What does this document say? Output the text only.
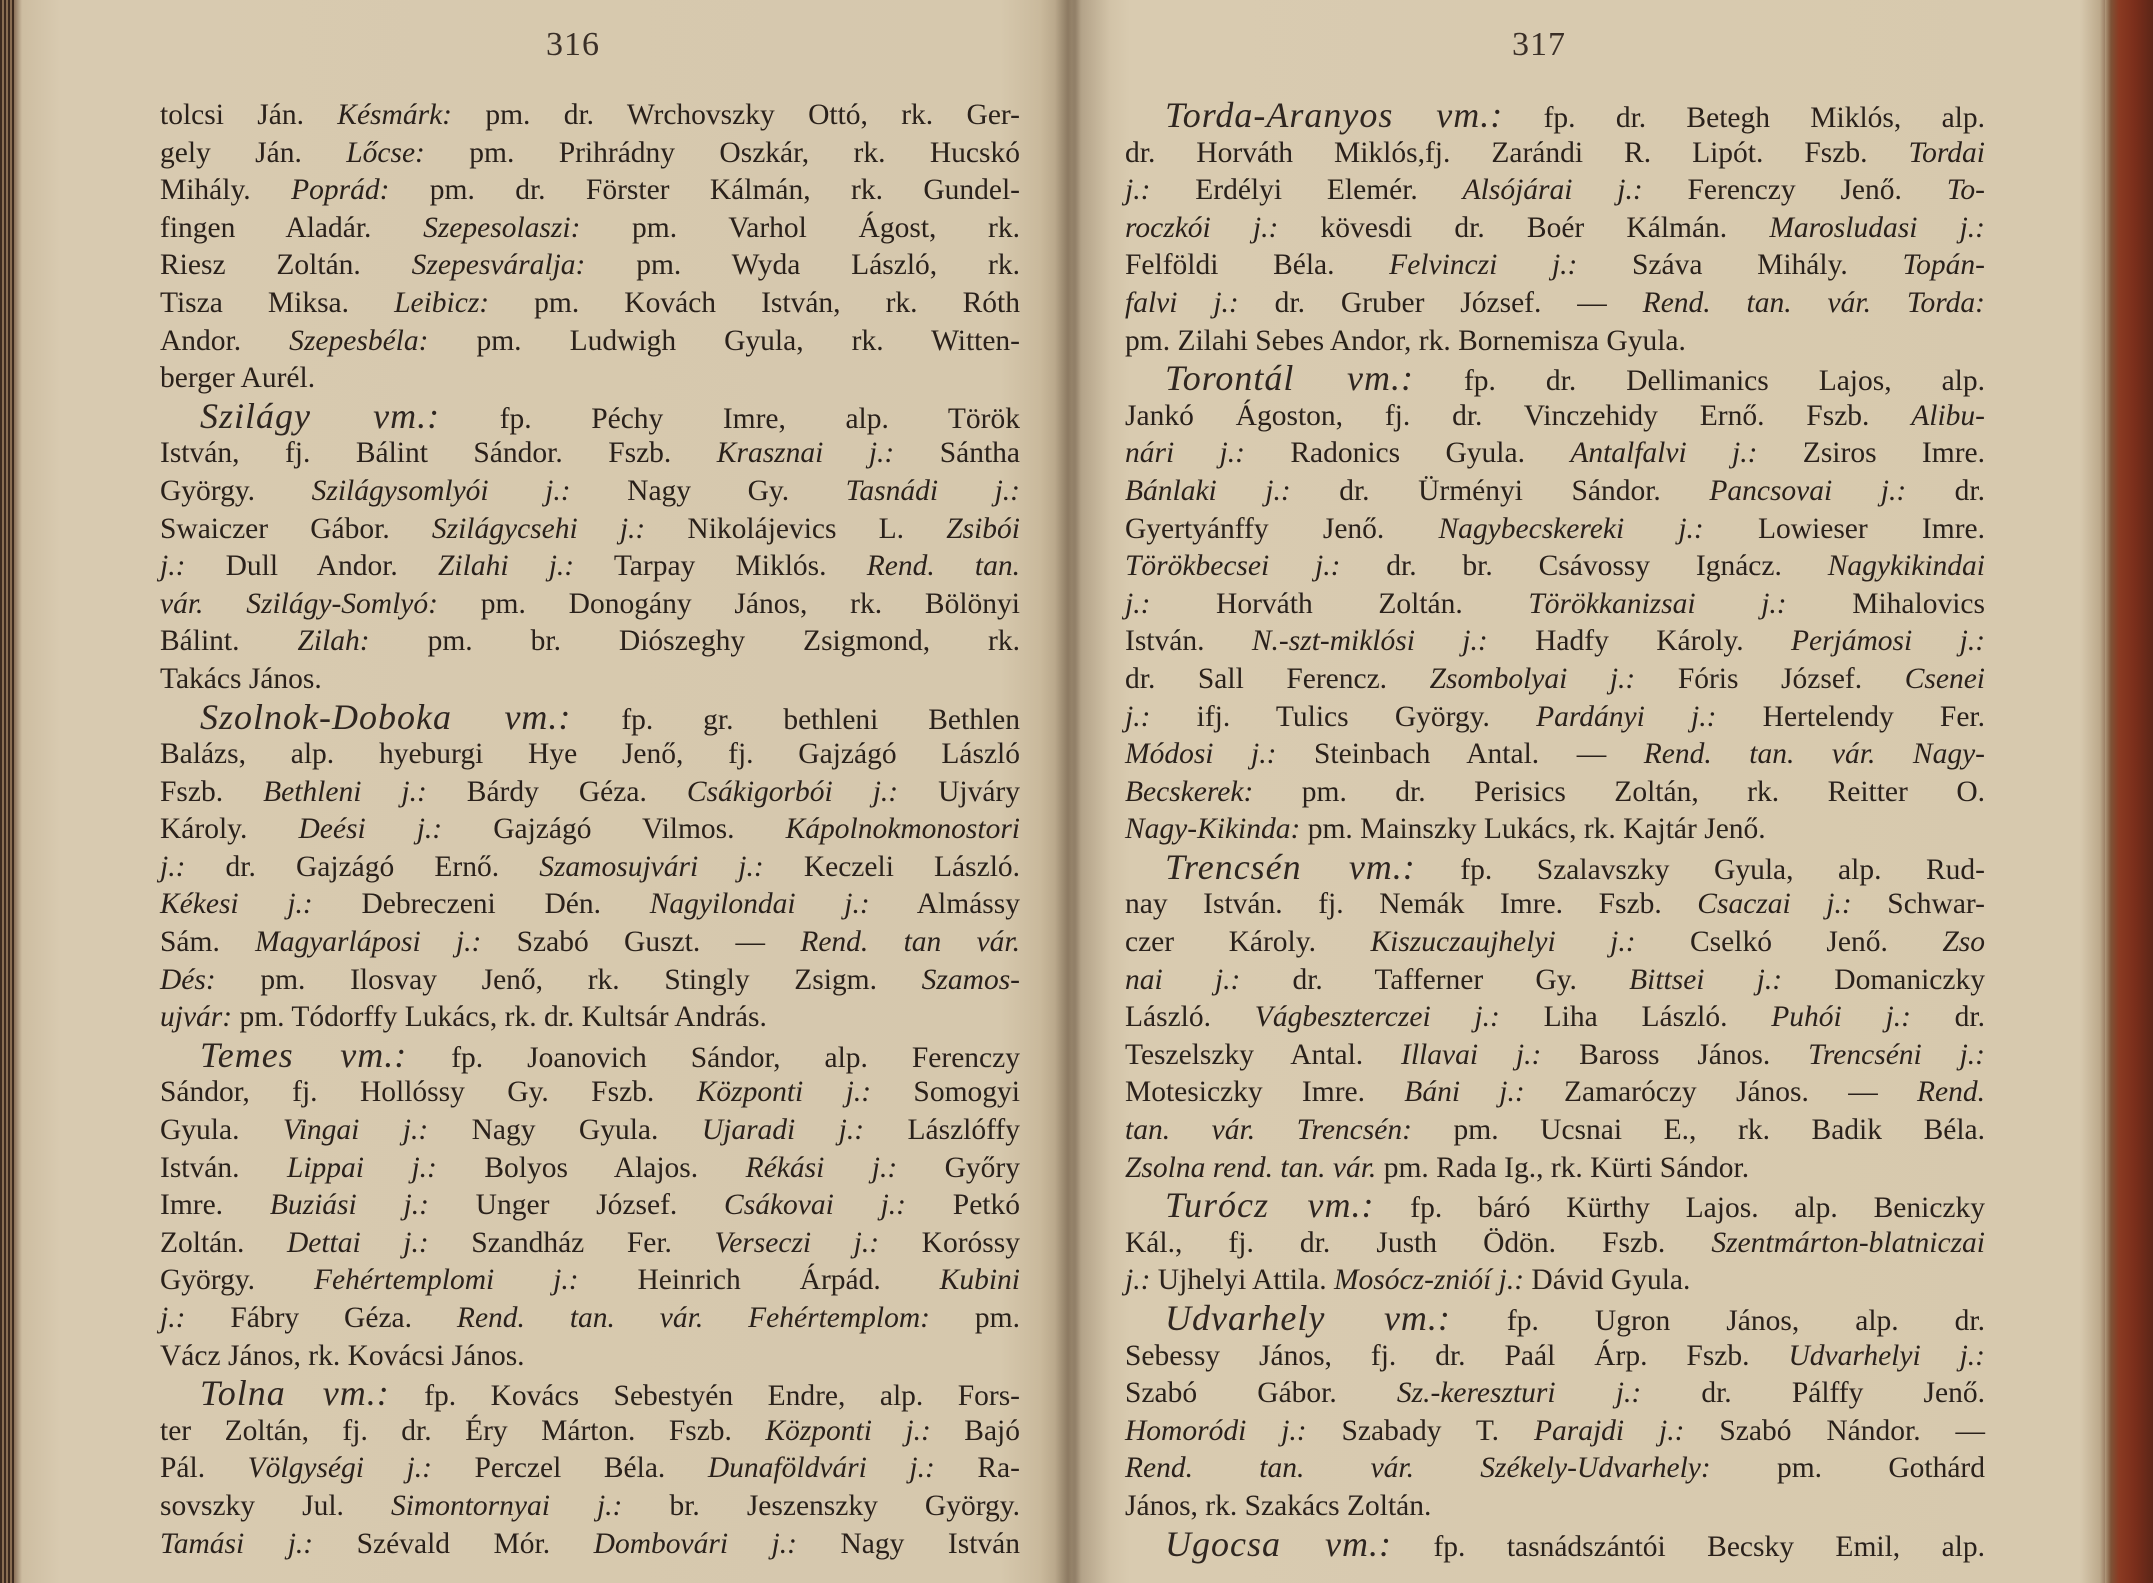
316	317
tolcsi Ján. Késmárk: pm. dr. Wrchovszky Ottó, rk. Ger-
gely Ján. Lőcse: pm. Prihrádny Oszkár, rk. Hucskó
Mihály. Poprád: pm. dr. Förster Kálmán, rk. Gundel-
fingen Aladár. Szepesolaszi: pm. Varhol Ágost, rk.
Riesz Zoltán. Szepesváralja: pm. Wyda László, rk.
Tisza Miksa. Leibicz: pm. Kovách István, rk. Róth
Andor. Szepesbéla: pm. Ludwigh Gyula, rk. Witten-
berger Aurél.
Szilágy vm.: fp. Péchy Imre, alp. Török
István, fj. Bálint Sándor. Fszb. Krasznai j.: Sántha
György. Szilágysomlyói j.: Nagy Gy. Tasnádi j.:
Swaiczer Gábor. Szilágycsehi j.: Nikolájevics L. Zsibói
j.: Dull Andor. Zilahi j.: Tarpay Miklós. Rend. tan.
vár. Szilágy-Somlyó: pm. Donogány János, rk. Bölönyi
Bálint. Zilah: pm. br. Diószeghy Zsigmond, rk.
Takács János.
Szolnok-Doboka vm.: fp. gr. bethleni Bethlen
Balázs, alp. hyeburgi Hye Jenő, fj. Gajzágó László
Fszb. Bethleni j.: Bárdy Géza. Csákigorbói j.: Ujváry
Károly. Deési j.: Gajzágó Vilmos. Kápolnokmonostori
j.: dr. Gajzágó Ernő. Szamosujvári j.: Keczeli László.
Kékesi j.: Debreczeni Dén. Nagyilondai j.: Almássy
Sám. Magyarláposi j.: Szabó Guszt. — Rend. tan vár.
Dés: pm. Ilosvay Jenő, rk. Stingly Zsigm. Szamos-
ujvár: pm. Tódorffy Lukács, rk. dr. Kultsár András.
Temes vm.: fp. Joanovich Sándor, alp. Ferenczy
Sándor, fj. Hollóssy Gy. Fszb. Központi j.: Somogyi
Gyula. Vingai j.: Nagy Gyula. Ujaradi j.: Lászlóffy
István. Lippai j.: Bolyos Alajos. Rékási j.: Győry
Imre. Buziási j.: Unger József. Csákovai j.: Petkó
Zoltán. Dettai j.: Szandház Fer. Verseczi j.: Koróssy
György. Fehértemplomi j.: Heinrich Árpád. Kubini
j.: Fábry Géza. Rend. tan. vár. Fehértemplom: pm.
Vácz János, rk. Kovácsi János.
Tolna vm.: fp. Kovács Sebestyén Endre, alp. Fors-
ter Zoltán, fj. dr. Éry Márton. Fszb. Központi j.: Bajó
Pál. Völgységi j.: Perczel Béla. Dunaföldvári j.: Ra-
sovszky Jul. Simontornyai j.: br. Jeszenszky György.
Tamási j.: Szévald Mór. Dombovári j.: Nagy István
Torda-Aranyos vm.: fp. dr. Betegh Miklós, alp.
dr. Horváth Miklós,fj. Zarándi R. Lipót. Fszb. Tordai
j.: Erdélyi Elemér. Alsójárai j.: Ferenczy Jenő. To-
roczkói j.: kövesdi dr. Boér Kálmán. Marosludasi j.:
Felföldi Béla. Felvinczi j.: Száva Mihály. Topán-
falvi j.: dr. Gruber József. — Rend. tan. vár. Torda:
pm. Zilahi Sebes Andor, rk. Bornemisza Gyula.
Torontál vm.: fp. dr. Dellimanics Lajos, alp.
Jankó Ágoston, fj. dr. Vinczehidy Ernő. Fszb. Alibu-
nári j.: Radonics Gyula. Antalfalvi j.: Zsiros Imre.
Bánlaki j.: dr. Ürményi Sándor. Pancsovai j.: dr.
Gyertyánffy Jenő. Nagybecskereki j.: Lowieser Imre.
Törökbecsei j.: dr. br. Csávossy Ignácz. Nagykikindai
j.: Horváth Zoltán. Törökkanizsai j.: Mihalovics
István. N.-szt-miklósi j.: Hadfy Károly. Perjámosi j.:
dr. Sall Ferencz. Zsombolyai j.: Fóris József. Csenei
j.: ifj. Tulics György. Pardányi j.: Hertelendy Fer.
Módosi j.: Steinbach Antal. — Rend. tan. vár. Nagy-
Becskerek: pm. dr. Perisics Zoltán, rk. Reitter O.
Nagy-Kikinda: pm. Mainszky Lukács, rk. Kajtár Jenő.
Trencsén vm.: fp. Szalavszky Gyula, alp. Rud-
nay István. fj. Nemák Imre. Fszb. Csaczai j.: Schwar-
czer Károly. Kiszuczaujhelyi j.: Cselkó Jenő. Zso
nai j.: dr. Tafferner Gy. Bittsei j.: Domaniczky
László. Vágbeszterczei j.: Liha László. Puhói j.: dr.
Teszelszky Antal. Illavai j.: Baross János. Trencséni j.:
Motesiczky Imre. Báni j.: Zamaróczy János. — Rend.
tan. vár. Trencsén: pm. Ucsnai E., rk. Badik Béla.
Zsolna rend. tan. vár. pm. Rada Ig., rk. Kürti Sándor.
Turócz vm.: fp. báró Kürthy Lajos. alp. Beniczky
Kál., fj. dr. Justh Ödön. Fszb. Szentmárton-blatniczai
j.: Ujhelyi Attila. Mosócz-znióí j.: Dávid Gyula.
Udvarhely vm.: fp. Ugron János, alp. dr.
Sebessy János, fj. dr. Paál Árp. Fszb. Udvarhelyi j.:
Szabó Gábor. Sz.-kereszturi j.: dr. Pálffy Jenő.
Homoródi j.: Szabady T. Parajdi j.: Szabó Nándor. —
Rend. tan. vár. Székely-Udvarhely: pm. Gothárd
János, rk. Szakács Zoltán.
Ugocsa vm.: fp. tasnádszántói Becsky Emil, alp.
